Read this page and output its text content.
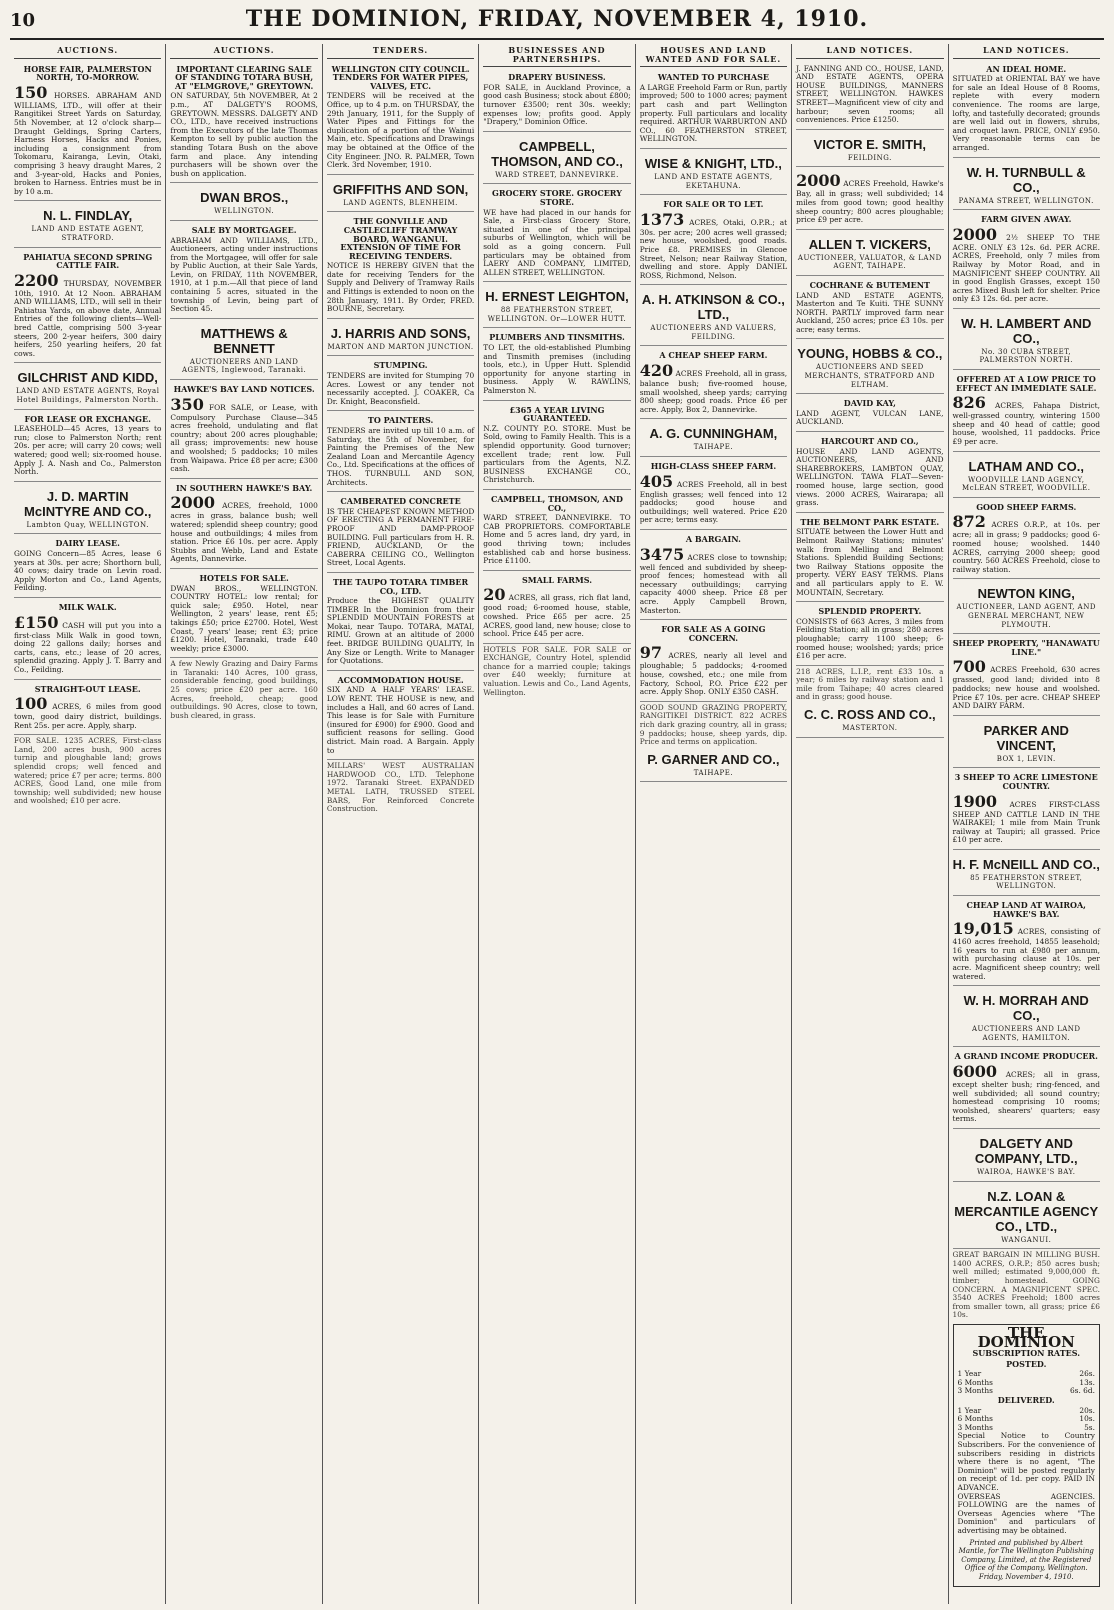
10	THE DOMINION, FRIDAY, NOVEMBER 4, 1910.
AUCTIONS.
HORSE FAIR, PALMERSTON NORTH, TO-MORROW.
150 HORSES. ABRAHAM AND WILLIAMS, LTD., will offer at their Rangitikei Street Yards on Saturday, 5th November, at 12 o'clock sharp—Draught Geldings, Spring Carters, Harness Horses, Hacks and Ponies, including a consignment from Tokomaru, Kairanga, Levin, Otaki, comprising 3 heavy draught Mares, 2 and 3-year-old, Hacks and Ponies, broken to Harness. Entries must be in by 10 a.m.
N. L. FINDLAY,
LAND AND ESTATE AGENT, STRATFORD.
PAHIATUA SECOND SPRING CATTLE FAIR.
2200 THURSDAY, NOVEMBER 10th, 1910. At 12 Noon. ABRAHAM AND WILLIAMS, LTD., will sell in their Pahiatua Yards, on above date, Annual Entries of the following clients—Well-bred Cattle, comprising 500 3-year steers, 200 2-year heifers, 300 dairy heifers, 250 yearling heifers, 20 fat cows.
GILCHRIST AND KIDD,
LAND AND ESTATE AGENTS, Royal Hotel Buildings, Palmerston North.
FOR LEASE OR EXCHANGE.
LEASEHOLD—45 Acres, 13 years to run; close to Palmerston North; rent 20s. per acre; will carry 20 cows; well watered; good well; six-roomed house. Apply J. A. Nash and Co., Palmerston North.
J. D. MARTIN McINTYRE AND CO.,
Lambton Quay, WELLINGTON.
DAIRY LEASE.
GOING Concern—85 Acres, lease 6 years at 30s. per acre; Shorthorn bull, 40 cows; dairy trade on Levin road. Apply Morton and Co., Land Agents, Feilding.
MILK WALK.
£150 CASH will put you into a first-class Milk Walk in good town, doing 22 gallons daily; horses and carts, cans, etc.; lease of 20 acres, splendid grazing. Apply J. T. Barry and Co., Feilding.
STRAIGHT-OUT LEASE.
100 ACRES, 6 miles from good town, good dairy district, buildings. Rent 25s. per acre. Apply, sharp.
FOR SALE. 1235 ACRES, First-class Land, 200 acres bush, 900 acres turnip and ploughable land; grows splendid crops; well fenced and watered; price £7 per acre; terms. 800 ACRES, Good Land, one mile from township; well subdivided; new house and woolshed; £10 per acre.
AUCTIONS.
IMPORTANT CLEARING SALE OF STANDING TOTARA BUSH, AT "ELMGROVE," GREYTOWN.
ON SATURDAY, 5th NOVEMBER, At 2 p.m., AT DALGETY'S ROOMS, GREYTOWN. MESSRS. DALGETY AND CO., LTD., have received instructions from the Executors of the late Thomas Kempton to sell by public auction the standing Totara Bush on the above farm and place. Any intending purchasers will be shown over the bush on application.
DWAN BROS.,
WELLINGTON.
SALE BY MORTGAGEE.
ABRAHAM AND WILLIAMS, LTD., Auctioneers, acting under instructions from the Mortgagee, will offer for sale by Public Auction, at their Sale Yards, Levin, on FRIDAY, 11th NOVEMBER, 1910, at 1 p.m.—All that piece of land containing 5 acres, situated in the township of Levin, being part of Section 45.
MATTHEWS & BENNETT
AUCTIONEERS AND LAND AGENTS, Inglewood, Taranaki.
HAWKE'S BAY LAND NOTICES.
350 FOR SALE, or Lease, with Compulsory Purchase Clause—345 acres freehold, undulating and flat country; about 200 acres ploughable; all grass; improvements: new house and woolshed; 5 paddocks; 10 miles from Waipawa. Price £8 per acre; £300 cash.
IN SOUTHERN HAWKE'S BAY.
2000 ACRES, freehold, 1000 acres in grass, balance bush; well watered; splendid sheep country; good house and outbuildings; 4 miles from station. Price £6 10s. per acre. Apply Stubbs and Webb, Land and Estate Agents, Dannevirke.
HOTELS FOR SALE.
DWAN BROS., WELLINGTON. COUNTRY HOTEL: low rental; for quick sale; £950. Hotel, near Wellington, 2 years' lease, rent £5; takings £50; price £2700. Hotel, West Coast, 7 years' lease; rent £3; price £1200. Hotel, Taranaki, trade £40 weekly; price £3000.
A few Newly Grazing and Dairy Farms in Taranaki: 140 Acres, 100 grass, considerable fencing, good buildings, 25 cows; price £20 per acre. 160 Acres, freehold, cheap; good outbuildings. 90 Acres, close to town, bush cleared, in grass.
TENDERS.
WELLINGTON CITY COUNCIL. TENDERS FOR WATER PIPES, VALVES, ETC.
TENDERS will be received at the Office, up to 4 p.m. on THURSDAY, the 29th January, 1911, for the Supply of Water Pipes and Fittings for the duplication of a portion of the Wainui Main, etc. Specifications and Drawings may be obtained at the Office of the City Engineer. JNO. R. PALMER, Town Clerk. 3rd November, 1910.
GRIFFITHS AND SON,
LAND AGENTS, BLENHEIM.
THE GONVILLE AND CASTLECLIFF TRAMWAY BOARD, WANGANUI. EXTENSION OF TIME FOR RECEIVING TENDERS.
NOTICE IS HEREBY GIVEN that the date for receiving Tenders for the Supply and Delivery of Tramway Rails and Fittings is extended to noon on the 28th January, 1911. By Order, FRED. BOURNE, Secretary.
J. HARRIS AND SONS,
MARTON AND MARTON JUNCTION.
STUMPING.
TENDERS are invited for Stumping 70 Acres. Lowest or any tender not necessarily accepted. J. COAKER, Ca Dr. Knight, Beaconsfield.
TO PAINTERS.
TENDERS are invited up till 10 a.m. of Saturday, the 5th of November, for Painting the Premises of the New Zealand Loan and Mercantile Agency Co., Ltd. Specifications at the offices of THOS. TURNBULL AND SON, Architects.
CAMBERATED CONCRETE
IS THE CHEAPEST KNOWN METHOD OF ERECTING A PERMANENT FIRE-PROOF AND DAMP-PROOF BUILDING. Full particulars from H. R. FRIEND, AUCKLAND, Or the CABERRA CEILING CO., Wellington Street, Local Agents.
THE TAUPO TOTARA TIMBER CO., LTD.
Produce the HIGHEST QUALITY TIMBER In the Dominion from their SPLENDID MOUNTAIN FORESTS at Mokai, near Taupo. TOTARA, MATAI, RIMU. Grown at an altitude of 2000 feet. BRIDGE BUILDING QUALITY, In Any Size or Length. Write to Manager for Quotations.
ACCOMMODATION HOUSE.
SIX AND A HALF YEARS' LEASE. LOW RENT. THE HOUSE is new, and includes a Hall, and 60 acres of Land. This lease is for Sale with Furniture (insured for £900) for £900. Good and sufficient reasons for selling. Good district. Main road. A Bargain. Apply to
MILLARS' WEST AUSTRALIAN HARDWOOD CO., LTD. Telephone 1972. Taranaki Street. EXPANDED METAL LATH, TRUSSED STEEL BARS, For Reinforced Concrete Construction.
BUSINESSES AND PARTNERSHIPS.
DRAPERY BUSINESS.
FOR SALE, in Auckland Province, a good cash Business; stock about £800; turnover £3500; rent 30s. weekly; expenses low; profits good. Apply "Drapery," Dominion Office.
CAMPBELL, THOMSON, AND CO.,
WARD STREET, DANNEVIRKE.
GROCERY STORE. GROCERY STORE.
WE have had placed in our hands for Sale, a First-class Grocery Store, situated in one of the principal suburbs of Wellington, which will be sold as a going concern. Full particulars may be obtained from LAERY AND COMPANY, LIMITED, ALLEN STREET, WELLINGTON.
H. ERNEST LEIGHTON,
88 FEATHERSTON STREET, WELLINGTON. Or—LOWER HUTT.
PLUMBERS AND TINSMITHS.
TO LET, the old-established Plumbing and Tinsmith premises (including tools, etc.), in Upper Hutt. Splendid opportunity for anyone starting in business. Apply W. RAWLINS, Palmerston N.
£365 A YEAR LIVING GUARANTEED.
N.Z. COUNTY P.O. STORE. Must be Sold, owing to Family Health. This is a splendid opportunity. Good turnover; excellent trade; rent low. Full particulars from the Agents, N.Z. BUSINESS EXCHANGE CO., Christchurch.
CAMPBELL, THOMSON, AND CO.,
WARD STREET, DANNEVIRKE. TO CAB PROPRIETORS. COMFORTABLE Home and 5 acres land, dry yard, in good thriving town; includes established cab and horse business. Price £1100.
SMALL FARMS.
20 ACRES, all grass, rich flat land, good road; 6-roomed house, stable, cowshed. Price £65 per acre. 25 ACRES, good land, new house; close to school. Price £45 per acre.
HOTELS FOR SALE. FOR SALE or EXCHANGE, Country Hotel, splendid chance for a married couple; takings over £40 weekly; furniture at valuation. Lewis and Co., Land Agents, Wellington.
HOUSES AND LAND WANTED AND FOR SALE.
WANTED TO PURCHASE
A LARGE Freehold Farm or Run, partly improved; 500 to 1000 acres; payment part cash and part Wellington property. Full particulars and locality required. ARTHUR WARBURTON AND CO., 60 FEATHERSTON STREET, WELLINGTON.
WISE & KNIGHT, LTD.,
LAND AND ESTATE AGENTS, EKETAHUNA.
FOR SALE OR TO LET.
1373 ACRES, Otaki, O.P.R.; at 30s. per acre; 200 acres well grassed; new house, woolshed, good roads. Price £8. PREMISES in Glencoe Street, Nelson; near Railway Station, dwelling and store. Apply DANIEL ROSS, Richmond, Nelson.
A. H. ATKINSON & CO., LTD.,
AUCTIONEERS AND VALUERS, FEILDING.
A CHEAP SHEEP FARM.
420 ACRES Freehold, all in grass, balance bush; five-roomed house, small woolshed, sheep yards; carrying 800 sheep; good roads. Price £6 per acre. Apply, Box 2, Dannevirke.
A. G. CUNNINGHAM,
TAIHAPE.
HIGH-CLASS SHEEP FARM.
405 ACRES Freehold, all in best English grasses; well fenced into 12 paddocks; good house and outbuildings; well watered. Price £20 per acre; terms easy.
A BARGAIN.
3475 ACRES close to township; well fenced and subdivided by sheep-proof fences; homestead with all necessary outbuildings; carrying capacity 4000 sheep. Price £8 per acre. Apply Campbell Brown, Masterton.
FOR SALE AS A GOING CONCERN.
97 ACRES, nearly all level and ploughable; 5 paddocks; 4-roomed house, cowshed, etc.; one mile from Factory, School, P.O. Price £22 per acre. Apply Shop. ONLY £350 CASH.
GOOD SOUND GRAZING PROPERTY, RANGITIKEI DISTRICT. 822 ACRES rich dark grazing country, all in grass; 9 paddocks; house, sheep yards, dip. Price and terms on application.
P. GARNER AND CO.,
TAIHAPE.
LAND NOTICES.
J. FANNING AND CO., HOUSE, LAND, AND ESTATE AGENTS, OPERA HOUSE BUILDINGS, MANNERS STREET, WELLINGTON. HAWKES STREET—Magnificent view of city and harbour; seven rooms; all conveniences. Price £1250.
VICTOR E. SMITH,
FEILDING.
2000 ACRES Freehold, Hawke's Bay, all in grass; well subdivided; 14 miles from good town; good healthy sheep country; 800 acres ploughable; price £9 per acre.
ALLEN T. VICKERS,
AUCTIONEER, VALUATOR, & LAND AGENT, TAIHAPE.
COCHRANE & BUTEMENT
LAND AND ESTATE AGENTS, Masterton and Te Kuiti. THE SUNNY NORTH. PARTLY improved farm near Auckland, 250 acres; price £3 10s. per acre; easy terms.
YOUNG, HOBBS & CO.,
AUCTIONEERS AND SEED MERCHANTS, STRATFORD AND ELTHAM.
DAVID KAY,
LAND AGENT, VULCAN LANE, AUCKLAND.
HARCOURT AND CO.,
HOUSE AND LAND AGENTS, AUCTIONEERS, AND SHAREBROKERS, LAMBTON QUAY, WELLINGTON. TAWA FLAT—Seven-roomed house, large section, good views. 2000 ACRES, Wairarapa; all grass.
THE BELMONT PARK ESTATE.
SITUATE between the Lower Hutt and Belmont Railway Stations; minutes' walk from Melling and Belmont Stations. Splendid Building Sections; two Railway Stations opposite the property. VERY EASY TERMS. Plans and all particulars apply to E. W. MOUNTAIN, Secretary.
SPLENDID PROPERTY.
CONSISTS of 663 Acres, 3 miles from Feilding Station; all in grass; 280 acres ploughable; carry 1100 sheep; 6-roomed house; woolshed; yards; price £16 per acre.
218 ACRES, L.I.P., rent £33 10s. a year; 6 miles by railway station and 1 mile from Taihape; 40 acres cleared and in grass; good house.
C. C. ROSS AND CO.,
MASTERTON.
LAND NOTICES.
AN IDEAL HOME.
SITUATED at ORIENTAL BAY we have for sale an Ideal House of 8 Rooms, replete with every modern convenience. The rooms are large, lofty, and tastefully decorated; grounds are well laid out in flowers, shrubs, and croquet lawn. PRICE, ONLY £950. Very reasonable terms can be arranged.
W. H. TURNBULL & CO.,
PANAMA STREET, WELLINGTON.
FARM GIVEN AWAY.
2000 2½ SHEEP TO THE ACRE. ONLY £3 12s. 6d. PER ACRE. ACRES, Freehold, only 7 miles from Railway by Motor Road, and in MAGNIFICENT SHEEP COUNTRY. All in good English Grasses, except 150 acres Mixed Bush left for shelter. Price only £3 12s. 6d. per acre.
W. H. LAMBERT AND CO.,
No. 30 CUBA STREET, PALMERSTON NORTH.
OFFERED AT A LOW PRICE TO EFFECT AN IMMEDIATE SALE.
826 ACRES, Fahapa District, well-grassed country, wintering 1500 sheep and 40 head of cattle; good house, woolshed, 11 paddocks. Price £9 per acre.
LATHAM AND CO.,
WOODVILLE LAND AGENCY, McLEAN STREET, WOODVILLE.
GOOD SHEEP FARMS.
872 ACRES O.R.P., at 10s. per acre; all in grass; 9 paddocks; good 6-roomed house; woolshed. 1440 ACRES, carrying 2000 sheep; good country. 560 ACRES Freehold, close to railway station.
NEWTON KING,
AUCTIONEER, LAND AGENT, AND GENERAL MERCHANT, NEW PLYMOUTH.
SHEEP PROPERTY, "HANAWATU LINE."
700 ACRES Freehold, 630 acres grassed, good land; divided into 8 paddocks; new house and woolshed. Price £7 10s. per acre. CHEAP SHEEP AND DAIRY FARM.
PARKER AND VINCENT,
BOX 1, LEVIN.
3 SHEEP TO ACRE LIMESTONE COUNTRY.
1900 ACRES FIRST-CLASS SHEEP AND CATTLE LAND IN THE WAIRAKEI; 1 mile from Main Trunk railway at Taupiri; all grassed. Price £10 per acre.
H. F. McNEILL AND CO.,
85 FEATHERSTON STREET, WELLINGTON.
CHEAP LAND AT WAIROA, HAWKE'S BAY.
19,015 ACRES, consisting of 4160 acres freehold, 14855 leasehold; 16 years to run at £980 per annum, with purchasing clause at 10s. per acre. Magnificent sheep country; well watered.
W. H. MORRAH AND CO.,
AUCTIONEERS AND LAND AGENTS, HAMILTON.
A GRAND INCOME PRODUCER.
6000 ACRES; all in grass, except shelter bush; ring-fenced, and well subdivided; all sound country; homestead comprising 10 rooms; woolshed, shearers' quarters; easy terms.
DALGETY AND COMPANY, LTD.,
WAIROA, HAWKE'S BAY.
N.Z. LOAN & MERCANTILE AGENCY CO., LTD.,
WANGANUI.
GREAT BARGAIN IN MILLING BUSH. 1400 ACRES, O.R.P.; 850 acres bush; well milled; estimated 9,000,000 ft. timber; homestead. GOING CONCERN. A MAGNIFICENT SPEC. 3540 ACRES Freehold; 1800 acres from smaller town, all grass; price £6 10s.
THE DOMINION
SUBSCRIPTION RATES.
POSTED.
1 Year	26s.
6 Months	13s.
3 Months	6s. 6d.
DELIVERED.
1 Year	20s.
6 Months	10s.
3 Months	5s.
Special Notice to Country Subscribers. For the convenience of subscribers residing in districts where there is no agent, "The Dominion" will be posted regularly on receipt of 1d. per copy. PAID IN ADVANCE.
OVERSEAS AGENCIES. FOLLOWING are the names of Overseas Agencies where "The Dominion" and particulars of advertising may be obtained.
Printed and published by Albert Mantle, for The Wellington Publishing Company, Limited, at the Registered Office of the Company, Wellington. Friday, November 4, 1910.
